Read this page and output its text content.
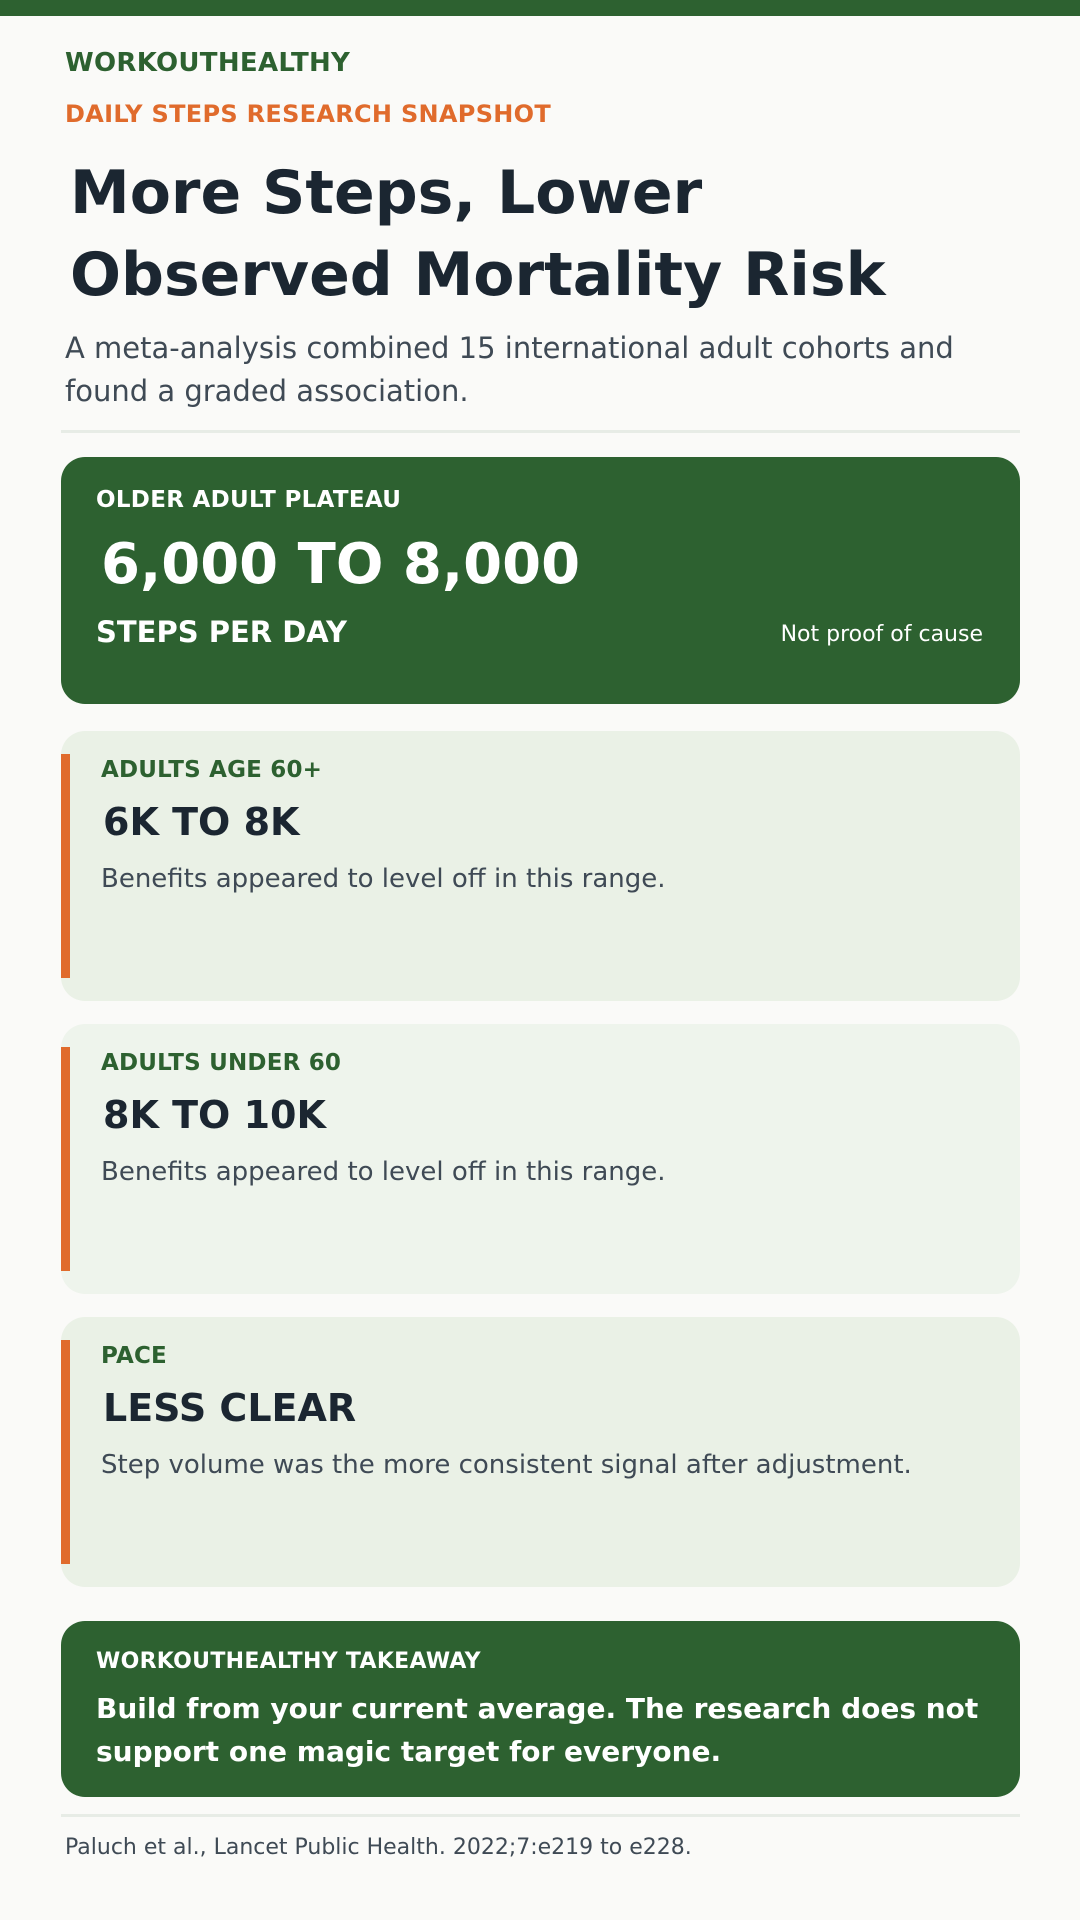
WORKOUTHEALTHY
DAILY STEPS RESEARCH SNAPSHOT
More Steps, Lower Observed Mortality Risk

A meta-analysis combined 15 international adult cohorts and found a graded association.

OLDER ADULT PLATEAU
6,000 TO 8,000
STEPS PER DAY	Not proof of cause
ADULTS AGE 60+
6K TO 8K
Benefits appeared to level off in this range.
ADULTS UNDER 60
8K TO 10K
Benefits appeared to level off in this range.
PACE
LESS CLEAR
Step volume was the more consistent signal after adjustment.
WORKOUTHEALTHY TAKEAWAY

Build from your current average. The research does not support one magic target for everyone.

Paluch et al., Lancet Public Health. 2022;7:e219 to e228.
